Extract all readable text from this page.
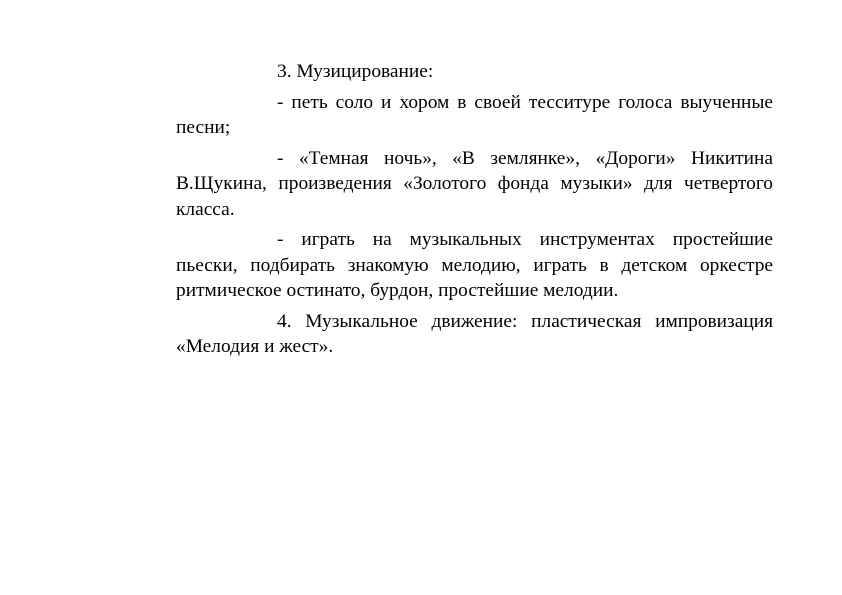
3. Музицирование:

- петь соло и хором в своей тесситуре голоса выученные песни;

- «Темная ночь», «В землянке», «Дороги» Никитина В.Щукина, произведения «Золотого фонда музыки» для четвертого класса.

- играть на музыкальных инструментах простейшие пьески, подбирать знакомую мелодию, играть в детском оркестре ритмическое остинато, бурдон, простейшие мелодии.

4. Музыкальное движение: пластическая импровизация «Мелодия и жест».
